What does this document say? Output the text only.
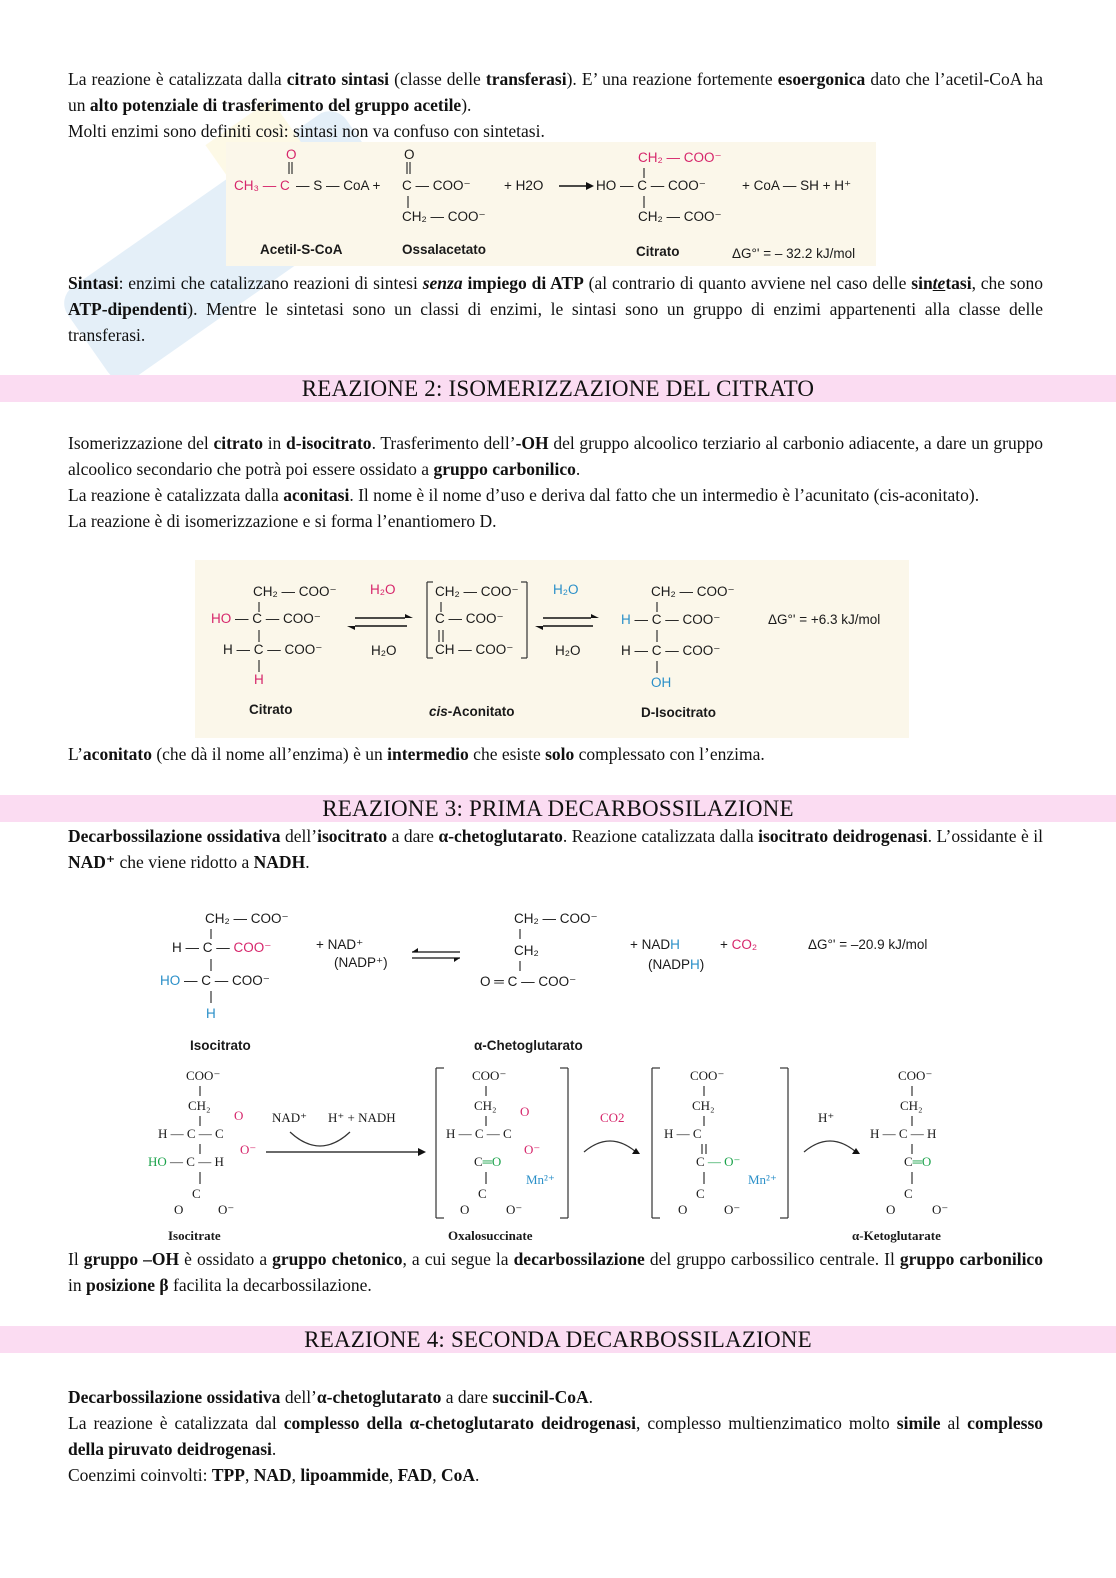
La reazione è catalizzata dalla citrato sintasi (classe delle transferasi). E’ una reazione fortemente esoergonica dato che l’acetil-CoA ha un alto potenziale di trasferimento del gruppo acetile).
Molti enzimi sono definiti così: sintasi non va confuso con sintetasi.
O
CH₃ — C — S — CoA +
O
C — COO⁻
CH₂ — COO⁻
+ H2O
CH₂ — COO⁻
HO — C — COO⁻
CH₂ — COO⁻
+ CoA — SH + H⁺
Acetil-S-CoA	Ossalacetato	Citrato	ΔG°' = – 32.2 kJ/mol
Sintasi: enzimi che catalizzano reazioni di sintesi senza impiego di ATP (al contrario di quanto avviene nel caso delle sintetasi, che sono ATP-dipendenti). Mentre le sintetasi sono un classi di enzimi, le sintasi sono un gruppo di enzimi appartenenti alla classe delle transferasi.
REAZIONE 2: ISOMERIZZAZIONE DEL CITRATO
Isomerizzazione del citrato in d-isocitrato. Trasferimento dell’-OH del gruppo alcoolico terziario al carbonio adiacente, a dare un gruppo alcoolico secondario che potrà poi essere ossidato a gruppo carbonilico.
La reazione è catalizzata dalla aconitasi. Il nome è il nome d’uso e deriva dal fatto che un intermedio è l’acunitato (cis-aconitato).
La reazione è di isomerizzazione e si forma l’enantiomero D.
CH₂ — COO⁻
HO — C — COO⁻
H — C — COO⁻
H
H₂O
H₂O
CH₂ — COO⁻
C — COO⁻
CH — COO⁻
H₂O
H₂O
CH₂ — COO⁻
H — C — COO⁻
H — C — COO⁻
OH
ΔG°' = +6.3 kJ/mol
Citrato	cis-Aconitato	D-Isocitrato
L’aconitato (che dà il nome all’enzima) è un intermedio che esiste solo complessato con l’enzima.
REAZIONE 3: PRIMA DECARBOSSILAZIONE
Decarbossilazione ossidativa dell’isocitrato a dare α-chetoglutarato. Reazione catalizzata dalla isocitrato deidrogenasi. L’ossidante è il NAD⁺ che viene ridotto a NADH.
CH₂ — COO⁻
H — C — COO⁻
HO — C — COO⁻
H
Isocitrato
+ NAD⁺
(NADP⁺)
CH₂ — COO⁻
CH₂
O ═ C — COO⁻
α-Chetoglutarato
+ NADH
(NADPH)
+ CO₂	ΔG°' = –20.9 kJ/mol
COO⁻
CH₂
H — C — C
O
O⁻
HO — C — H
C
O	O⁻
Isocitrate
NAD⁺ H⁺ + NADH
COO⁻
CH₂
H — C — C
O
O⁻
C═O
Mn²⁺
C
O	O⁻
Oxalosuccinate
CO2
COO⁻
CH₂
H — C
C — O⁻
Mn²⁺
C
O	O⁻
H⁺
COO⁻
CH₂
H — C — H
C═O
C
O	O⁻
α-Ketoglutarate
Il gruppo –OH è ossidato a gruppo chetonico, a cui segue la decarbossilazione del gruppo carbossilico centrale. Il gruppo carbonilico in posizione β facilita la decarbossilazione.
REAZIONE 4: SECONDA DECARBOSSILAZIONE
Decarbossilazione ossidativa dell’α-chetoglutarato a dare succinil-CoA.
La reazione è catalizzata dal complesso della α-chetoglutarato deidrogenasi, complesso multienzimatico molto simile al complesso della piruvato deidrogenasi.
Coenzimi coinvolti: TPP, NAD, lipoammide, FAD, CoA.
